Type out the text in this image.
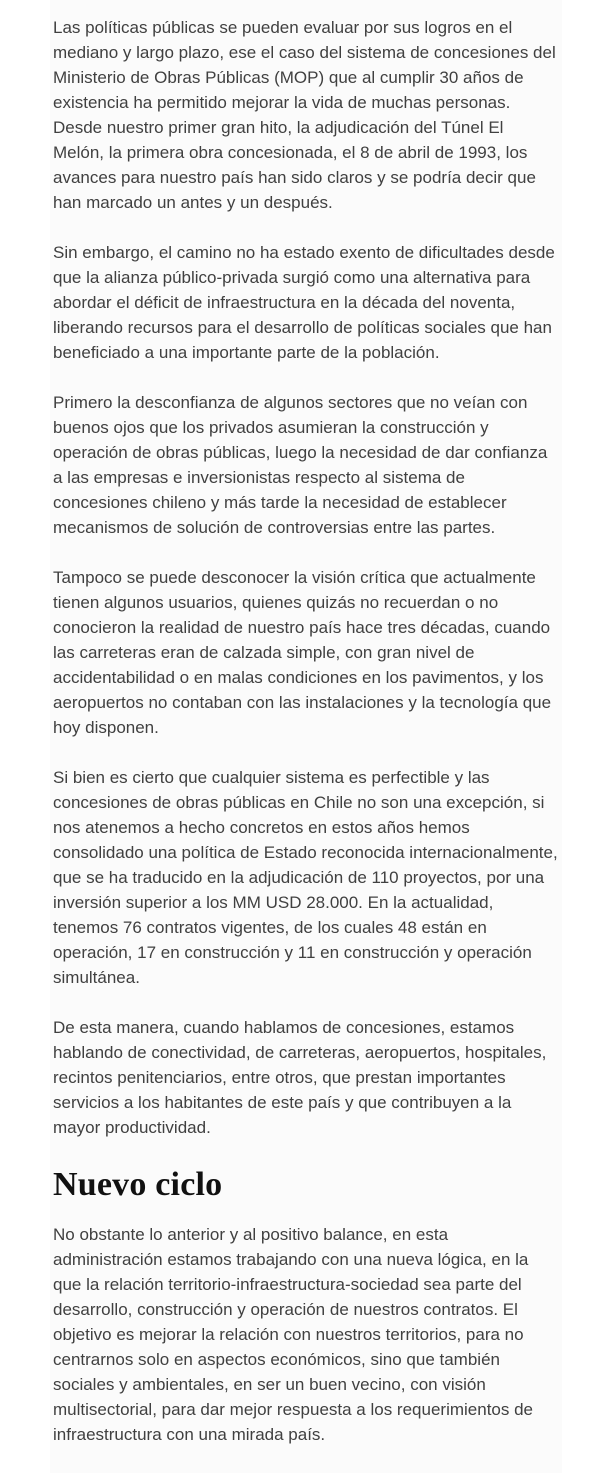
Las políticas públicas se pueden evaluar por sus logros en el mediano y largo plazo, ese el caso del sistema de concesiones del Ministerio de Obras Públicas (MOP) que al cumplir 30 años de existencia ha permitido mejorar la vida de muchas personas. Desde nuestro primer gran hito, la adjudicación del Túnel El Melón, la primera obra concesionada, el 8 de abril de 1993, los avances para nuestro país han sido claros y se podría decir que han marcado un antes y un después.

Sin embargo, el camino no ha estado exento de dificultades desde que la alianza público-privada surgió como una alternativa para abordar el déficit de infraestructura en la década del noventa, liberando recursos para el desarrollo de políticas sociales que han beneficiado a una importante parte de la población.

Primero la desconfianza de algunos sectores que no veían con buenos ojos que los privados asumieran la construcción y operación de obras públicas, luego la necesidad de dar confianza a las empresas e inversionistas respecto al sistema de concesiones chileno y más tarde la necesidad de establecer mecanismos de solución de controversias entre las partes.

Tampoco se puede desconocer la visión crítica que actualmente tienen algunos usuarios, quienes quizás no recuerdan o no conocieron la realidad de nuestro país hace tres décadas, cuando las carreteras eran de calzada simple, con gran nivel de accidentabilidad o en malas condiciones en los pavimentos, y los aeropuertos no contaban con las instalaciones y la tecnología que hoy disponen.

Si bien es cierto que cualquier sistema es perfectible y las concesiones de obras públicas en Chile no son una excepción, si nos atenemos a hecho concretos en estos años hemos consolidado una política de Estado reconocida internacionalmente, que se ha traducido en la adjudicación de 110 proyectos, por una inversión superior a los MM USD 28.000. En la actualidad, tenemos 76 contratos vigentes, de los cuales 48 están en operación, 17 en construcción y 11 en construcción y operación simultánea.

De esta manera, cuando hablamos de concesiones, estamos hablando de conectividad, de carreteras, aeropuertos, hospitales, recintos penitenciarios, entre otros, que prestan importantes servicios a los habitantes de este país y que contribuyen a la mayor productividad.

Nuevo ciclo

No obstante lo anterior y al positivo balance, en esta administración estamos trabajando con una nueva lógica, en la que la relación territorio-infraestructura-sociedad sea parte del desarrollo, construcción y operación de nuestros contratos. El objetivo es mejorar la relación con nuestros territorios, para no centrarnos solo en aspectos económicos, sino que también sociales y ambientales, en ser un buen vecino, con visión multisectorial, para dar mejor respuesta a los requerimientos de infraestructura con una mirada país.
